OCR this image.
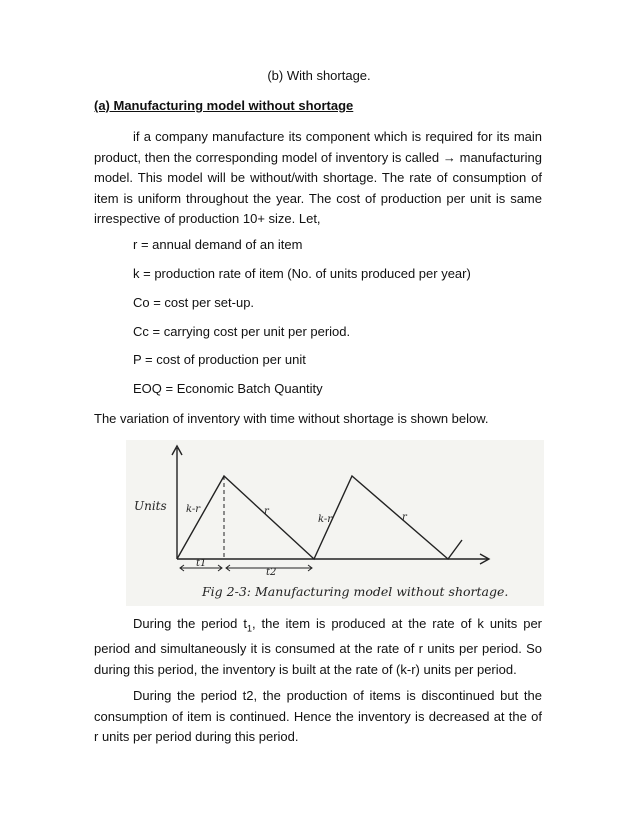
(b) With shortage.
(a) Manufacturing model without shortage

if a company manufacture its component which is required for its main product, then the corresponding model of inventory is called → manufacturing model. This model will be without/with shortage. The rate of consumption of item is uniform throughout the year. The cost of production per unit is same irrespective of production 10+ size. Let,

r = annual demand of an item
k = production rate of item (No. of units produced per year)
Co = cost per set-up.
Cc = carrying cost per unit per period.
P = cost of production per unit
EOQ = Economic Batch Quantity
The variation of inventory with time without shortage is shown below.
Units k-r	r
k-r	r
t1
t2
Fig 2-3: Manufacturing model without shortage.

During the period $t_1$, the item is produced at the rate of k units per period and simultaneously it is consumed at the rate of r units per period. So during this period, the inventory is built at the rate of (k-r) units per period.

During the period t2, the production of items is discontinued but the consumption of item is continued. Hence the inventory is decreased at the of r units per period during this period.
